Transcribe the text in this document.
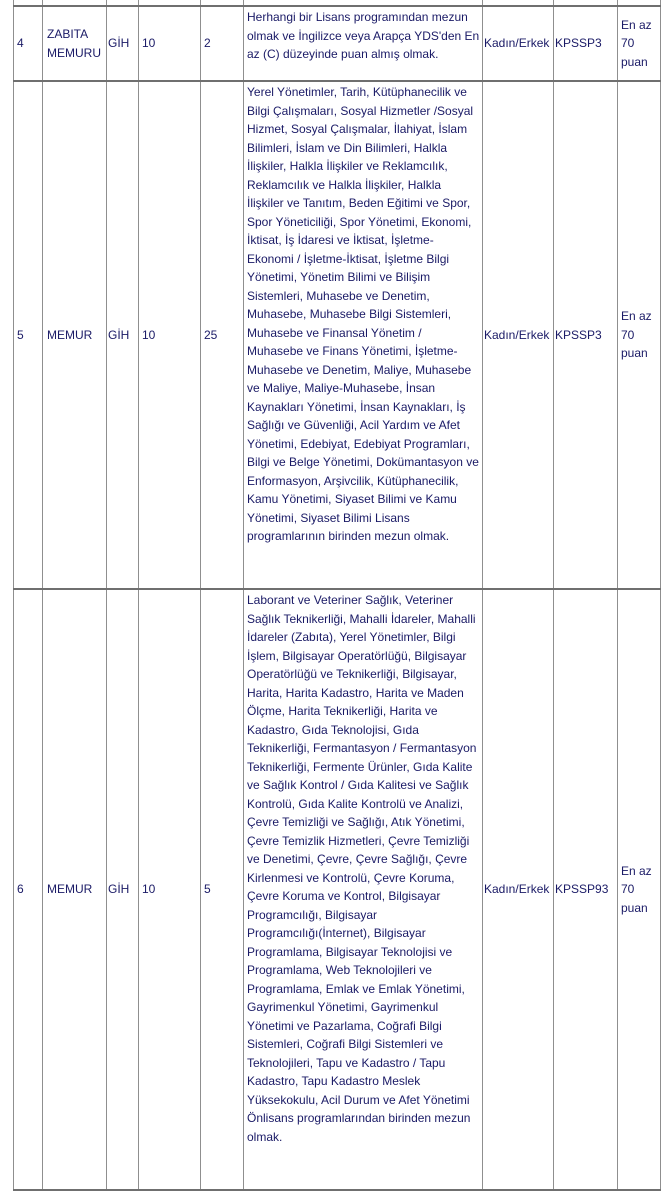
4	ZABITA MEMURU	GİH	10	2	Herhangi bir Lisans programından mezun olmak ve İngilizce veya Arapça YDS'den En az (C) düzeyinde puan almış olmak.	Kadın/Erkek	KPSSP3	En az 70 puan
5	MEMUR	GİH	10	25	Yerel Yönetimler, Tarih, Kütüphanecilik ve Bilgi Çalışmaları, Sosyal Hizmetler /Sosyal Hizmet, Sosyal Çalışmalar, İlahiyat, İslam Bilimleri, İslam ve Din Bilimleri, Halkla İlişkiler, Halkla İlişkiler ve Reklamcılık, Reklamcılık ve Halkla İlişkiler, Halkla İlişkiler ve Tanıtım, Beden Eğitimi ve Spor, Spor Yöneticiliği, Spor Yönetimi, Ekonomi, İktisat, İş İdaresi ve İktisat, İşletme-Ekonomi / İşletme-İktisat, İşletme Bilgi Yönetimi, Yönetim Bilimi ve Bilişim Sistemleri, Muhasebe ve Denetim, Muhasebe, Muhasebe Bilgi Sistemleri, Muhasebe ve Finansal Yönetim / Muhasebe ve Finans Yönetimi, İşletme-Muhasebe ve Denetim, Maliye, Muhasebe ve Maliye, Maliye-Muhasebe, İnsan Kaynakları Yönetimi, İnsan Kaynakları, İş Sağlığı ve Güvenliği, Acil Yardım ve Afet Yönetimi, Edebiyat, Edebiyat Programları, Bilgi ve Belge Yönetimi, Dokümantasyon ve Enformasyon, Arşivcilik, Kütüphanecilik, Kamu Yönetimi, Siyaset Bilimi ve Kamu Yönetimi, Siyaset Bilimi Lisans programlarının birinden mezun olmak.	Kadın/Erkek	KPSSP3	En az 70 puan
6	MEMUR	GİH	10	5	Laborant ve Veteriner Sağlık, Veteriner Sağlık Teknikerliği, Mahalli İdareler, Mahalli İdareler (Zabıta), Yerel Yönetimler, Bilgi İşlem, Bilgisayar Operatörlüğü, Bilgisayar Operatörlüğü ve Teknikerliği, Bilgisayar, Harita, Harita Kadastro, Harita ve Maden Ölçme, Harita Teknikerliği, Harita ve Kadastro, Gıda Teknolojisi, Gıda Teknikerliği, Fermantasyon / Fermantasyon Teknikerliği, Fermente Ürünler, Gıda Kalite ve Sağlık Kontrol / Gıda Kalitesi ve Sağlık Kontrolü, Gıda Kalite Kontrolü ve Analizi, Çevre Temizliği ve Sağlığı, Atık Yönetimi, Çevre Temizlik Hizmetleri, Çevre Temizliği ve Denetimi, Çevre, Çevre Sağlığı, Çevre Kirlenmesi ve Kontrolü, Çevre Koruma, Çevre Koruma ve Kontrol, Bilgisayar Programcılığı, Bilgisayar Programcılığı(İnternet), Bilgisayar Programlama, Bilgisayar Teknolojisi ve Programlama, Web Teknolojileri ve Programlama, Emlak ve Emlak Yönetimi, Gayrimenkul Yönetimi, Gayrimenkul Yönetimi ve Pazarlama, Coğrafi Bilgi Sistemleri, Coğrafi Bilgi Sistemleri ve Teknolojileri, Tapu ve Kadastro / Tapu Kadastro, Tapu Kadastro Meslek Yüksekokulu, Acil Durum ve Afet Yönetimi Önlisans programlarından birinden mezun olmak.	Kadın/Erkek	KPSSP93	En az 70 puan
